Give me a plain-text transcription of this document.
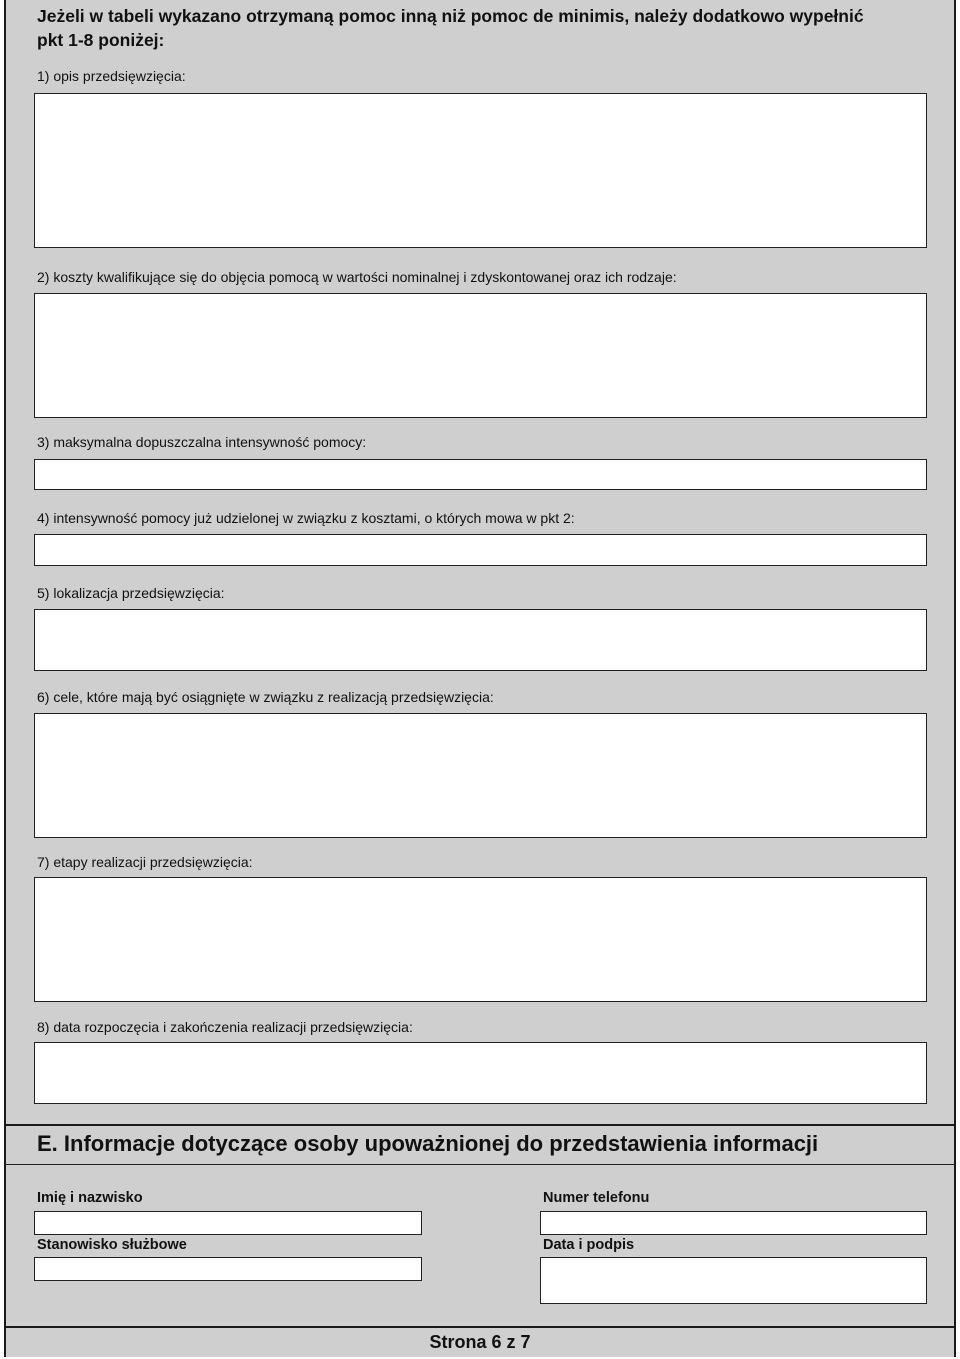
Jeżeli w tabeli wykazano otrzymaną pomoc inną niż pomoc de minimis, należy dodatkowo wypełnić
pkt 1-8 poniżej:
1) opis przedsięwzięcia:
2) koszty kwalifikujące się do objęcia pomocą w wartości nominalnej i zdyskontowanej oraz ich rodzaje:
3) maksymalna dopuszczalna intensywność pomocy:
4) intensywność pomocy już udzielonej w związku z kosztami, o których mowa w pkt 2:
5) lokalizacja przedsięwzięcia:
6) cele, które mają być osiągnięte w związku z realizacją przedsięwzięcia:
7) etapy realizacji przedsięwzięcia:
8) data rozpoczęcia i zakończenia realizacji przedsięwzięcia:
E. Informacje dotyczące osoby upoważnionej do przedstawienia informacji
Imię i nazwisko	Numer telefonu
Stanowisko służbowe	Data i podpis
Strona 6 z 7
